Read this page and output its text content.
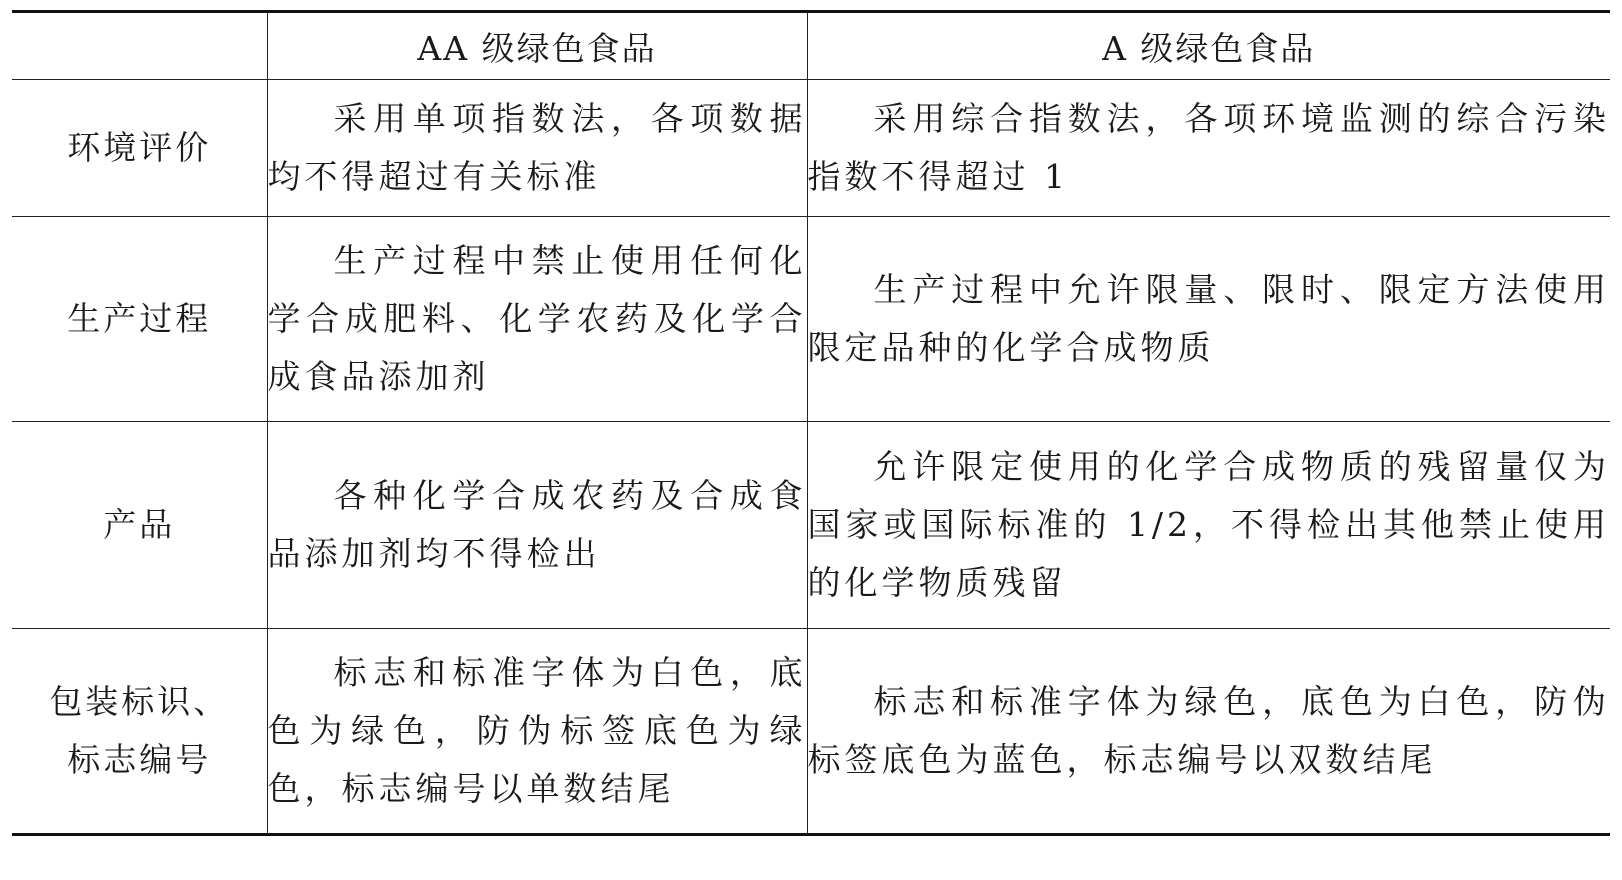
	AA 级绿色食品	A 级绿色食品
环境评价	采用单项指数法，各项数据均不得超过有关标准	采用综合指数法，各项环境监测的综合污染指数不得超过 1

生产过程	生产过程中禁止使用任何化学合成肥料、化学农药及化学合成食品添加剂	生产过程中允许限量、限时、限定方法使用限定品种的化学合成物质

产品	各种化学合成农药及合成食品添加剂均不得检出	允许限定使用的化学合成物质的残留量仅为国家或国际标准的 1/2，不得检出其他禁止使用的化学物质残留

包装标识、标志编号	标志和标准字体为白色，底色为绿色，防伪标签底色为绿色，标志编号以单数结尾	标志和标准字体为绿色，底色为白色，防伪标签底色为蓝色，标志编号以双数结尾
